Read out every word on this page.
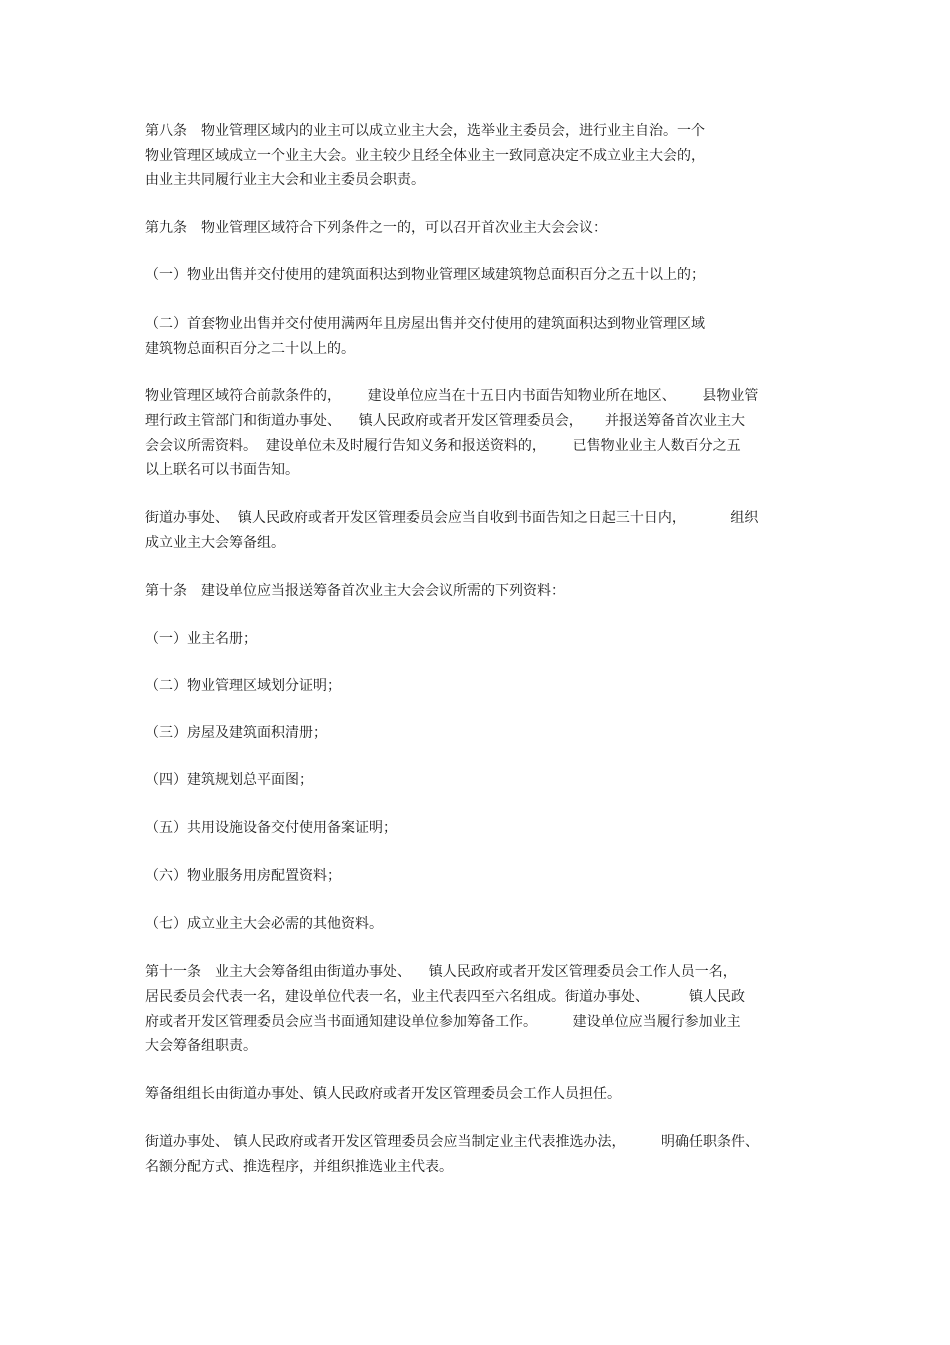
第八条　物业管理区域内的业主可以成立业主大会，选举业主委员会，进行业主自治。一个
物业管理区域成立一个业主大会。业主较少且经全体业主一致同意决定不成立业主大会的，
由业主共同履行业主大会和业主委员会职责。
第九条　物业管理区域符合下列条件之一的，可以召开首次业主大会会议：
（一）物业出售并交付使用的建筑面积达到物业管理区域建筑物总面积百分之五十以上的；
（二）首套物业出售并交付使用满两年且房屋出售并交付使用的建筑面积达到物业管理区域
建筑物总面积百分之二十以上的。
物业管理区域符合前款条件的，      建设单位应当在十五日内书面告知物业所在地区、      县物业管
理行政主管部门和街道办事处、    镇人民政府或者开发区管理委员会，     并报送筹备首次业主大
会会议所需资料。  建设单位未及时履行告知义务和报送资料的，      已售物业业主人数百分之五
以上联名可以书面告知。
街道办事处、  镇人民政府或者开发区管理委员会应当自收到书面告知之日起三十日内，          组织
成立业主大会筹备组。
第十条　建设单位应当报送筹备首次业主大会会议所需的下列资料：
（一）业主名册；
（二）物业管理区域划分证明；
（三）房屋及建筑面积清册；
（四）建筑规划总平面图；
（五）共用设施设备交付使用备案证明；
（六）物业服务用房配置资料；
（七）成立业主大会必需的其他资料。
第十一条　业主大会筹备组由街道办事处、    镇人民政府或者开发区管理委员会工作人员一名，
居民委员会代表一名，建设单位代表一名，业主代表四至六名组成。街道办事处、         镇人民政
府或者开发区管理委员会应当书面通知建设单位参加筹备工作。        建设单位应当履行参加业主
大会筹备组职责。
筹备组组长由街道办事处、镇人民政府或者开发区管理委员会工作人员担任。
街道办事处、 镇人民政府或者开发区管理委员会应当制定业主代表推选办法，        明确任职条件、
名额分配方式、推选程序，并组织推选业主代表。
